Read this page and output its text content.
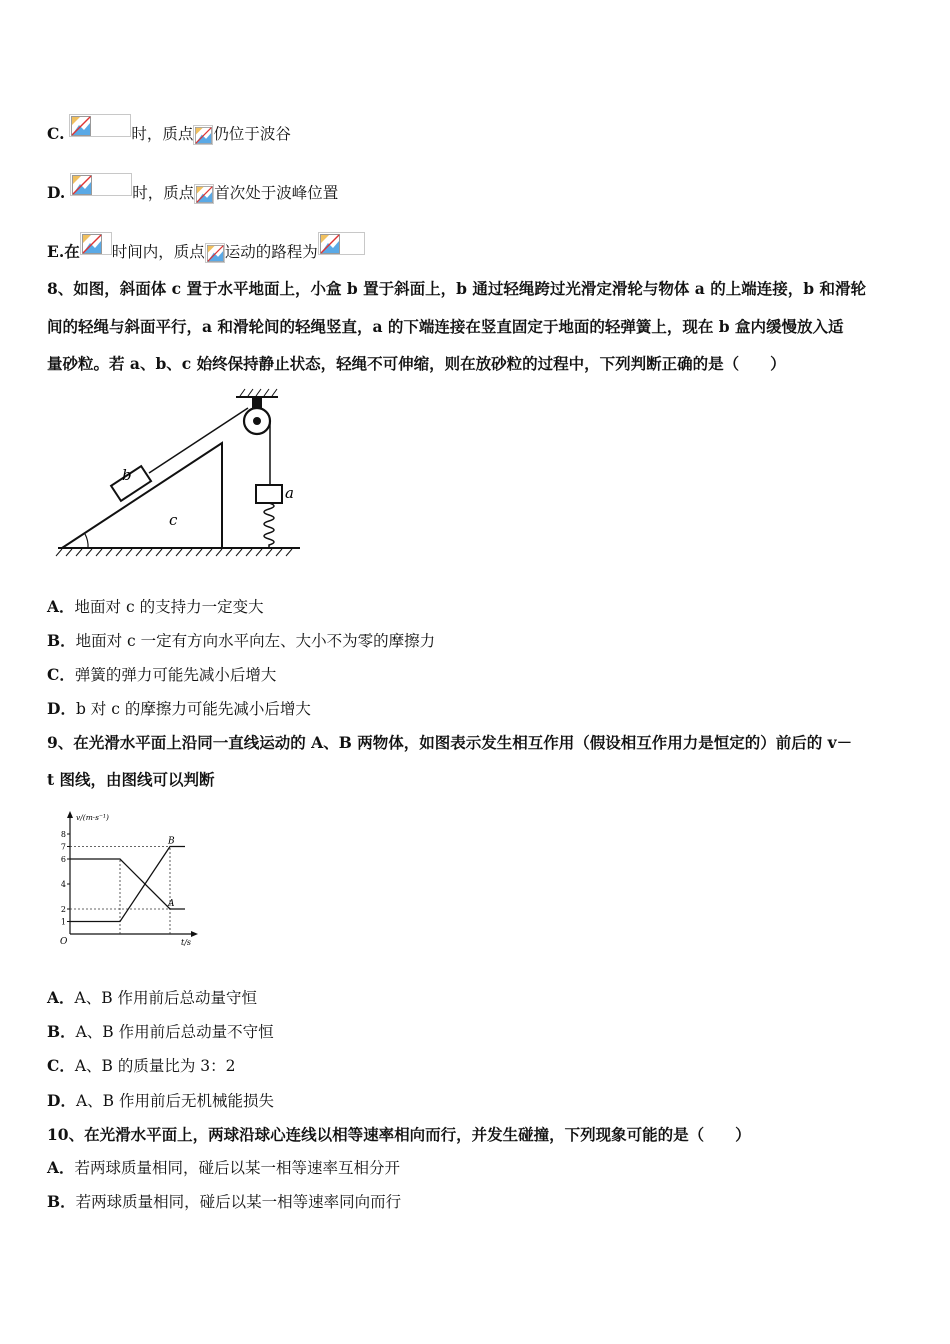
C.	时，质点 仍位于波谷
D.	时，质点 首次处于波峰位置
E.在 时间内，质点 运动的路程为
8、如图，斜面体 c 置于水平地面上，小盒 b 置于斜面上，b 通过轻绳跨过光滑定滑轮与物体 a 的上端连接，b 和滑轮
间的轻绳与斜面平行，a 和滑轮间的轻绳竖直，a 的下端连接在竖直固定于地面的轻弹簧上，现在 b 盒内缓慢放入适
量砂粒。若 a、b、c 始终保持静止状态，轻绳不可伸缩，则在放砂粒的过程中，下列判断正确的是（　　）
b
c
a
A．地面对 c 的支持力一定变大
B．地面对 c 一定有方向水平向左、大小不为零的摩擦力
C．弹簧的弹力可能先减小后增大
D．b 对 c 的摩擦力可能先减小后增大
9、在光滑水平面上沿同一直线运动的 A、B 两物体，如图表示发生相互作用（假设相互作用力是恒定的）前后的 v－
t 图线，由图线可以判断
v/(m·s⁻¹)
t/s
O
1
2
4
6
7
8
A
B
A．A、B 作用前后总动量守恒
B．A、B 作用前后总动量不守恒
C．A、B 的质量比为 3：2
D．A、B 作用前后无机械能损失
10、在光滑水平面上，两球沿球心连线以相等速率相向而行，并发生碰撞，下列现象可能的是（　　）
A．若两球质量相同，碰后以某一相等速率互相分开
B．若两球质量相同，碰后以某一相等速率同向而行
